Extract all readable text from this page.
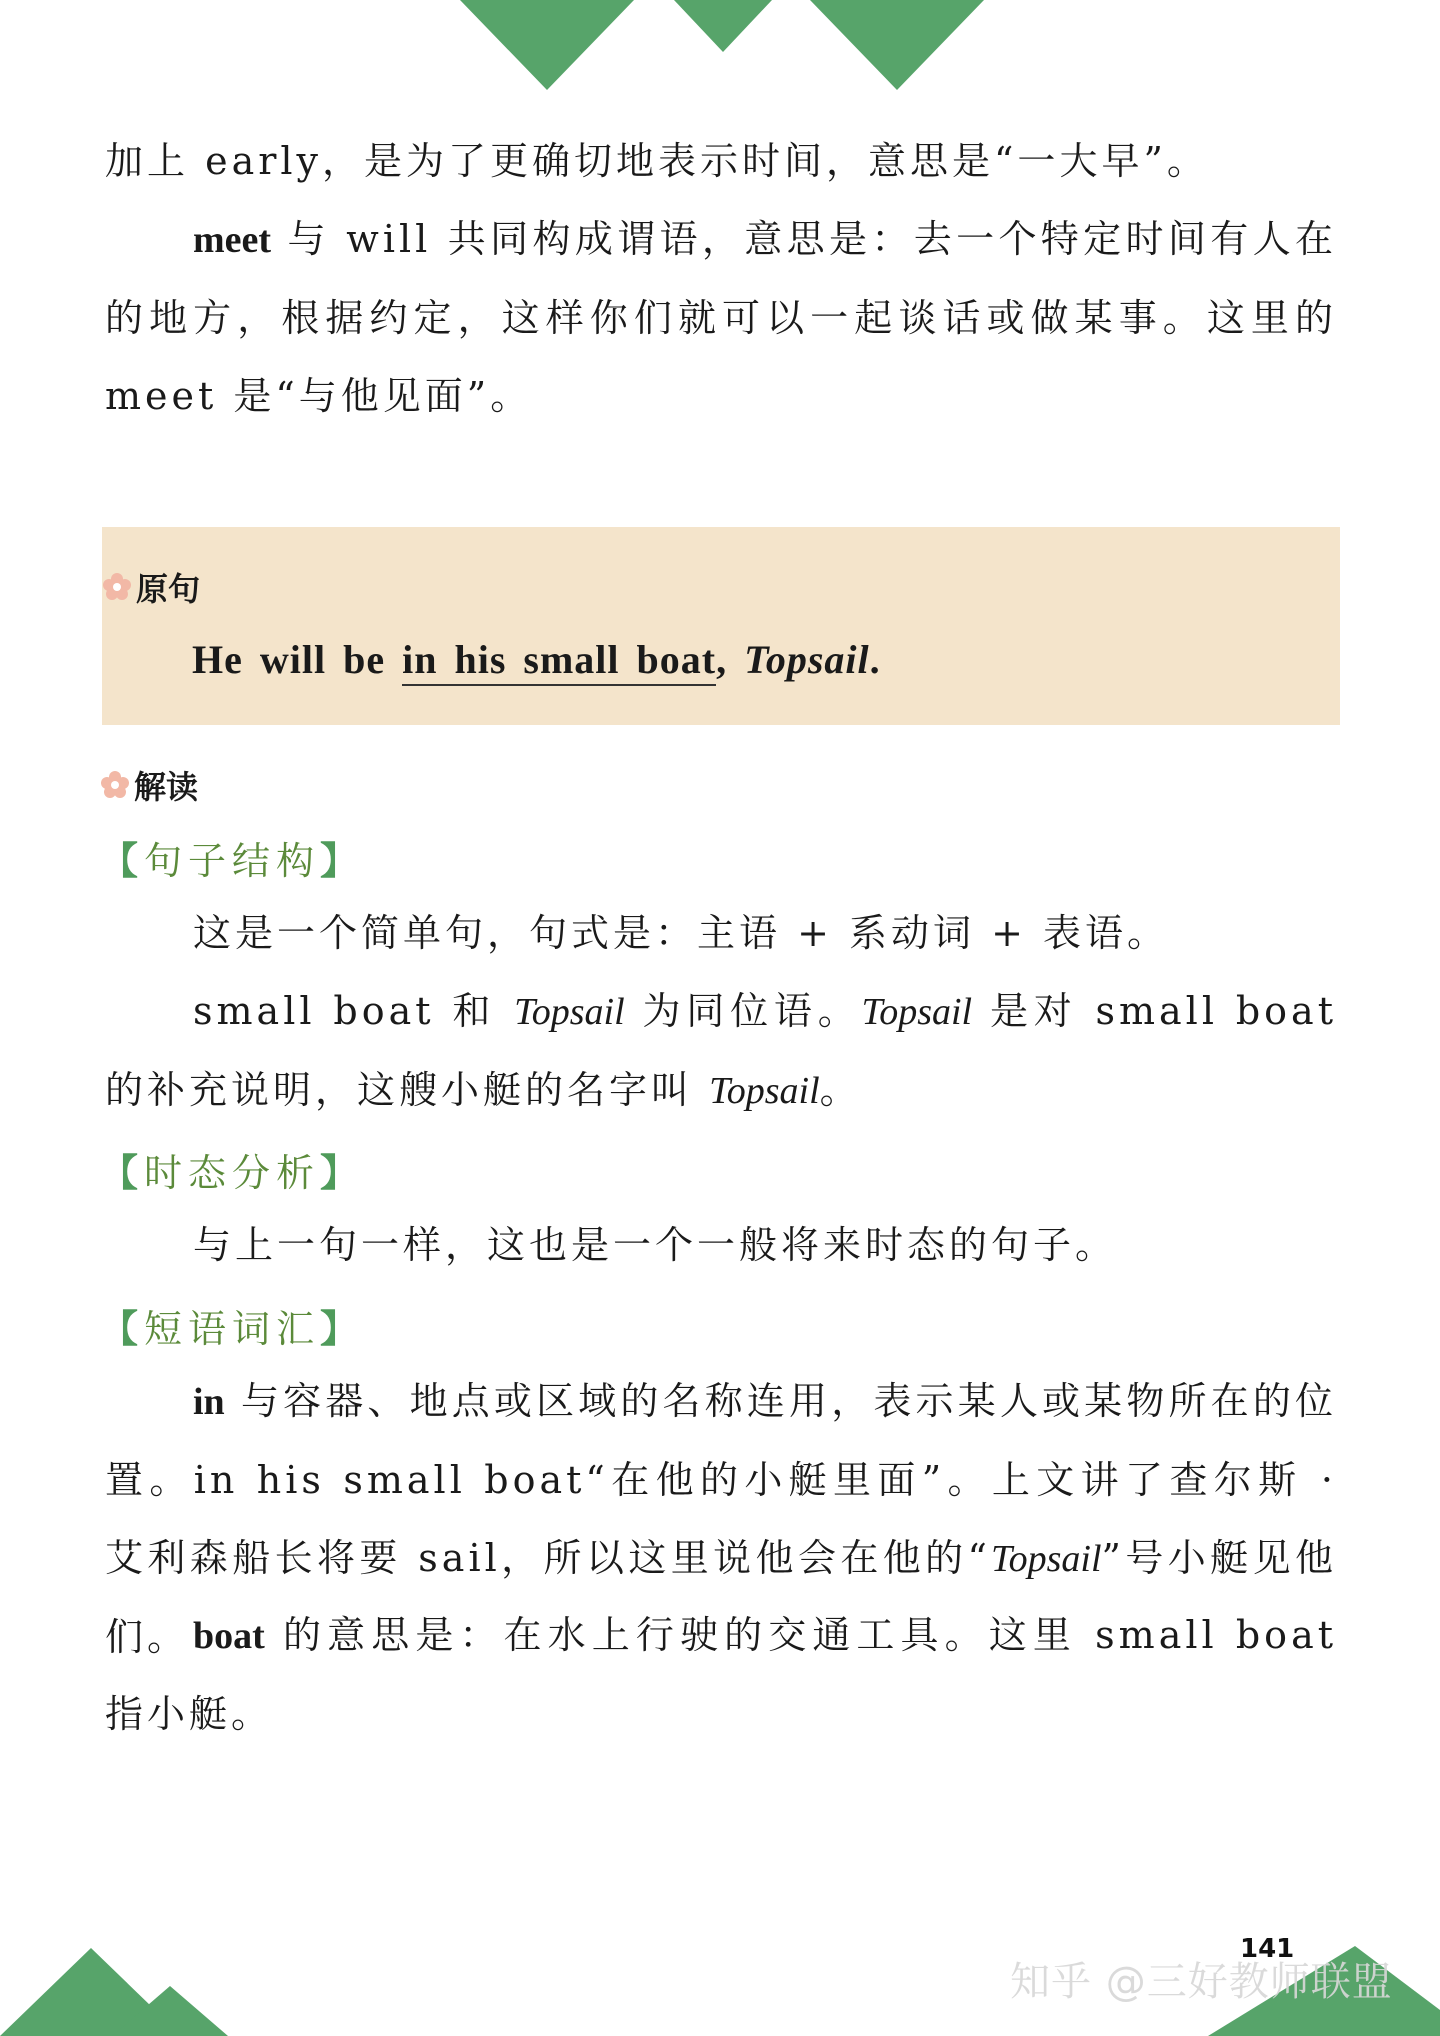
加上 early，是为了更确切地表示时间，意思是“一大早”。

meet 与 will 共同构成谓语，意思是：去一个特定时间有人在的地方，根据约定，这样你们就可以一起谈话或做某事。这里的 meet 是“与他见面”。

原句
He will be in his small boat, Topsail.
解读
【句子结构】

这是一个简单句，句式是：主语 + 系动词 + 表语。

small boat 和 Topsail 为同位语。Topsail 是对 small boat 的补充说明，这艘小艇的名字叫 Topsail。

【时态分析】

与上一句一样，这也是一个一般将来时态的句子。

【短语词汇】

in 与容器、地点或区域的名称连用，表示某人或某物所在的位置。in his small boat“在他的小艇里面”。上文讲了查尔斯 · 艾利森船长将要 sail，所以这里说他会在他的“Topsail”号小艇见他们。 boat 的意思是：在水上行驶的交通工具。这里 small boat 指小艇。

141
知乎 @三好教师联盟
